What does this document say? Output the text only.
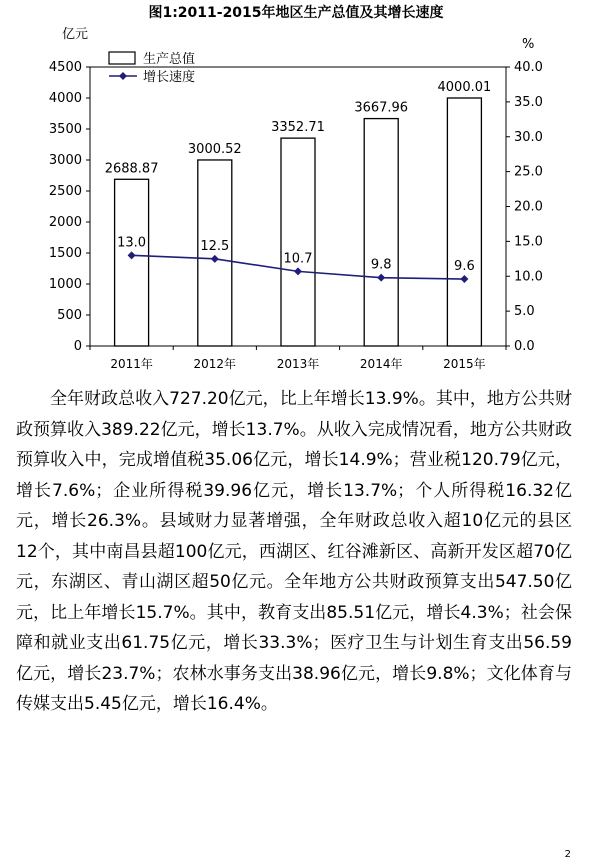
图1:2011-2015年地区生产总值及其增长速度
亿元
%
0
500
1000
1500
2000
2500
3000
3500
4000
4500
0.0
5.0
10.0
15.0
20.0
25.0
30.0
35.0
40.0
2011年	2012年	2013年	2014年	2015年
2688.87
3000.52
3352.71
3667.96
4000.01
13.0	12.5
10.7	9.8	9.6
生产总值
增长速度

全年财政总收入727.20亿元，比上年增长13.9%。其中，地方公共财政预算收入389.22亿元，增长13.7%。从收入完成情况看，地方公共财政预算收入中，完成增值税35.06亿元，增长14.9%；营业税120.79亿元，增长7.6%；企业所得税39.96亿元，增长13.7%；个人所得税16.32亿元，增长26.3%。县域财力显著增强，全年财政总收入超10亿元的县区12个，其中南昌县超100亿元，西湖区、红谷滩新区、高新开发区超70亿元，东湖区、青山湖区超50亿元。全年地方公共财政预算支出547.50亿元，比上年增长15.7%。其中，教育支出85.51亿元，增长4.3%；社会保障和就业支出61.75亿元，增长33.3%；医疗卫生与计划生育支出56.59亿元，增长23.7%；农林水事务支出38.96亿元，增长9.8%；文化体育与传媒支出5.45亿元，增长16.4%。

2
